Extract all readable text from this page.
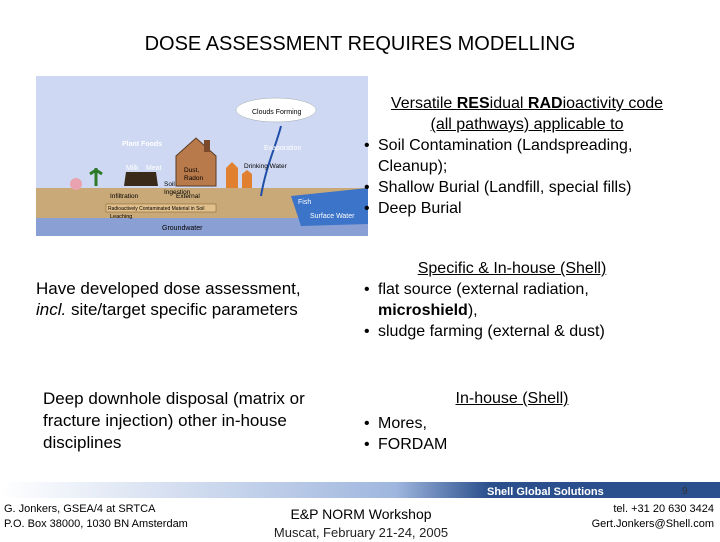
DOSE ASSESSMENT REQUIRES MODELLING
Clouds Forming
Plant Foods
Milk Meat
Evaporation
Dust,
Radon
Soil
Ingestion
Drinking Water
Infiltration	External
Radioactively Contaminated Material in Soil
Leaching
Fish
Surface Water
Groundwater
Versatile RESidual RADioactivity code
(all pathways) applicable to
• Soil Contamination (Landspreading, Cleanup);
• Shallow Burial (Landfill, special fills)
• Deep Burial
Have developed dose assessment,
incl. site/target specific parameters
Specific & In-house (Shell)
• flat source (external radiation, microshield),
• sludge farming (external & dust)
Deep downhole disposal (matrix or fracture injection) other in-house disciplines
In-house (Shell)
• Mores,
• FORDAM
Shell Global Solutions	9
G. Jonkers, GSEA/4 at SRTCA
P.O. Box 38000, 1030 BN Amsterdam
E&P NORM Workshop
Muscat, February 21-24, 2005
tel. +31 20 630 3424
Gert.Jonkers@Shell.com
